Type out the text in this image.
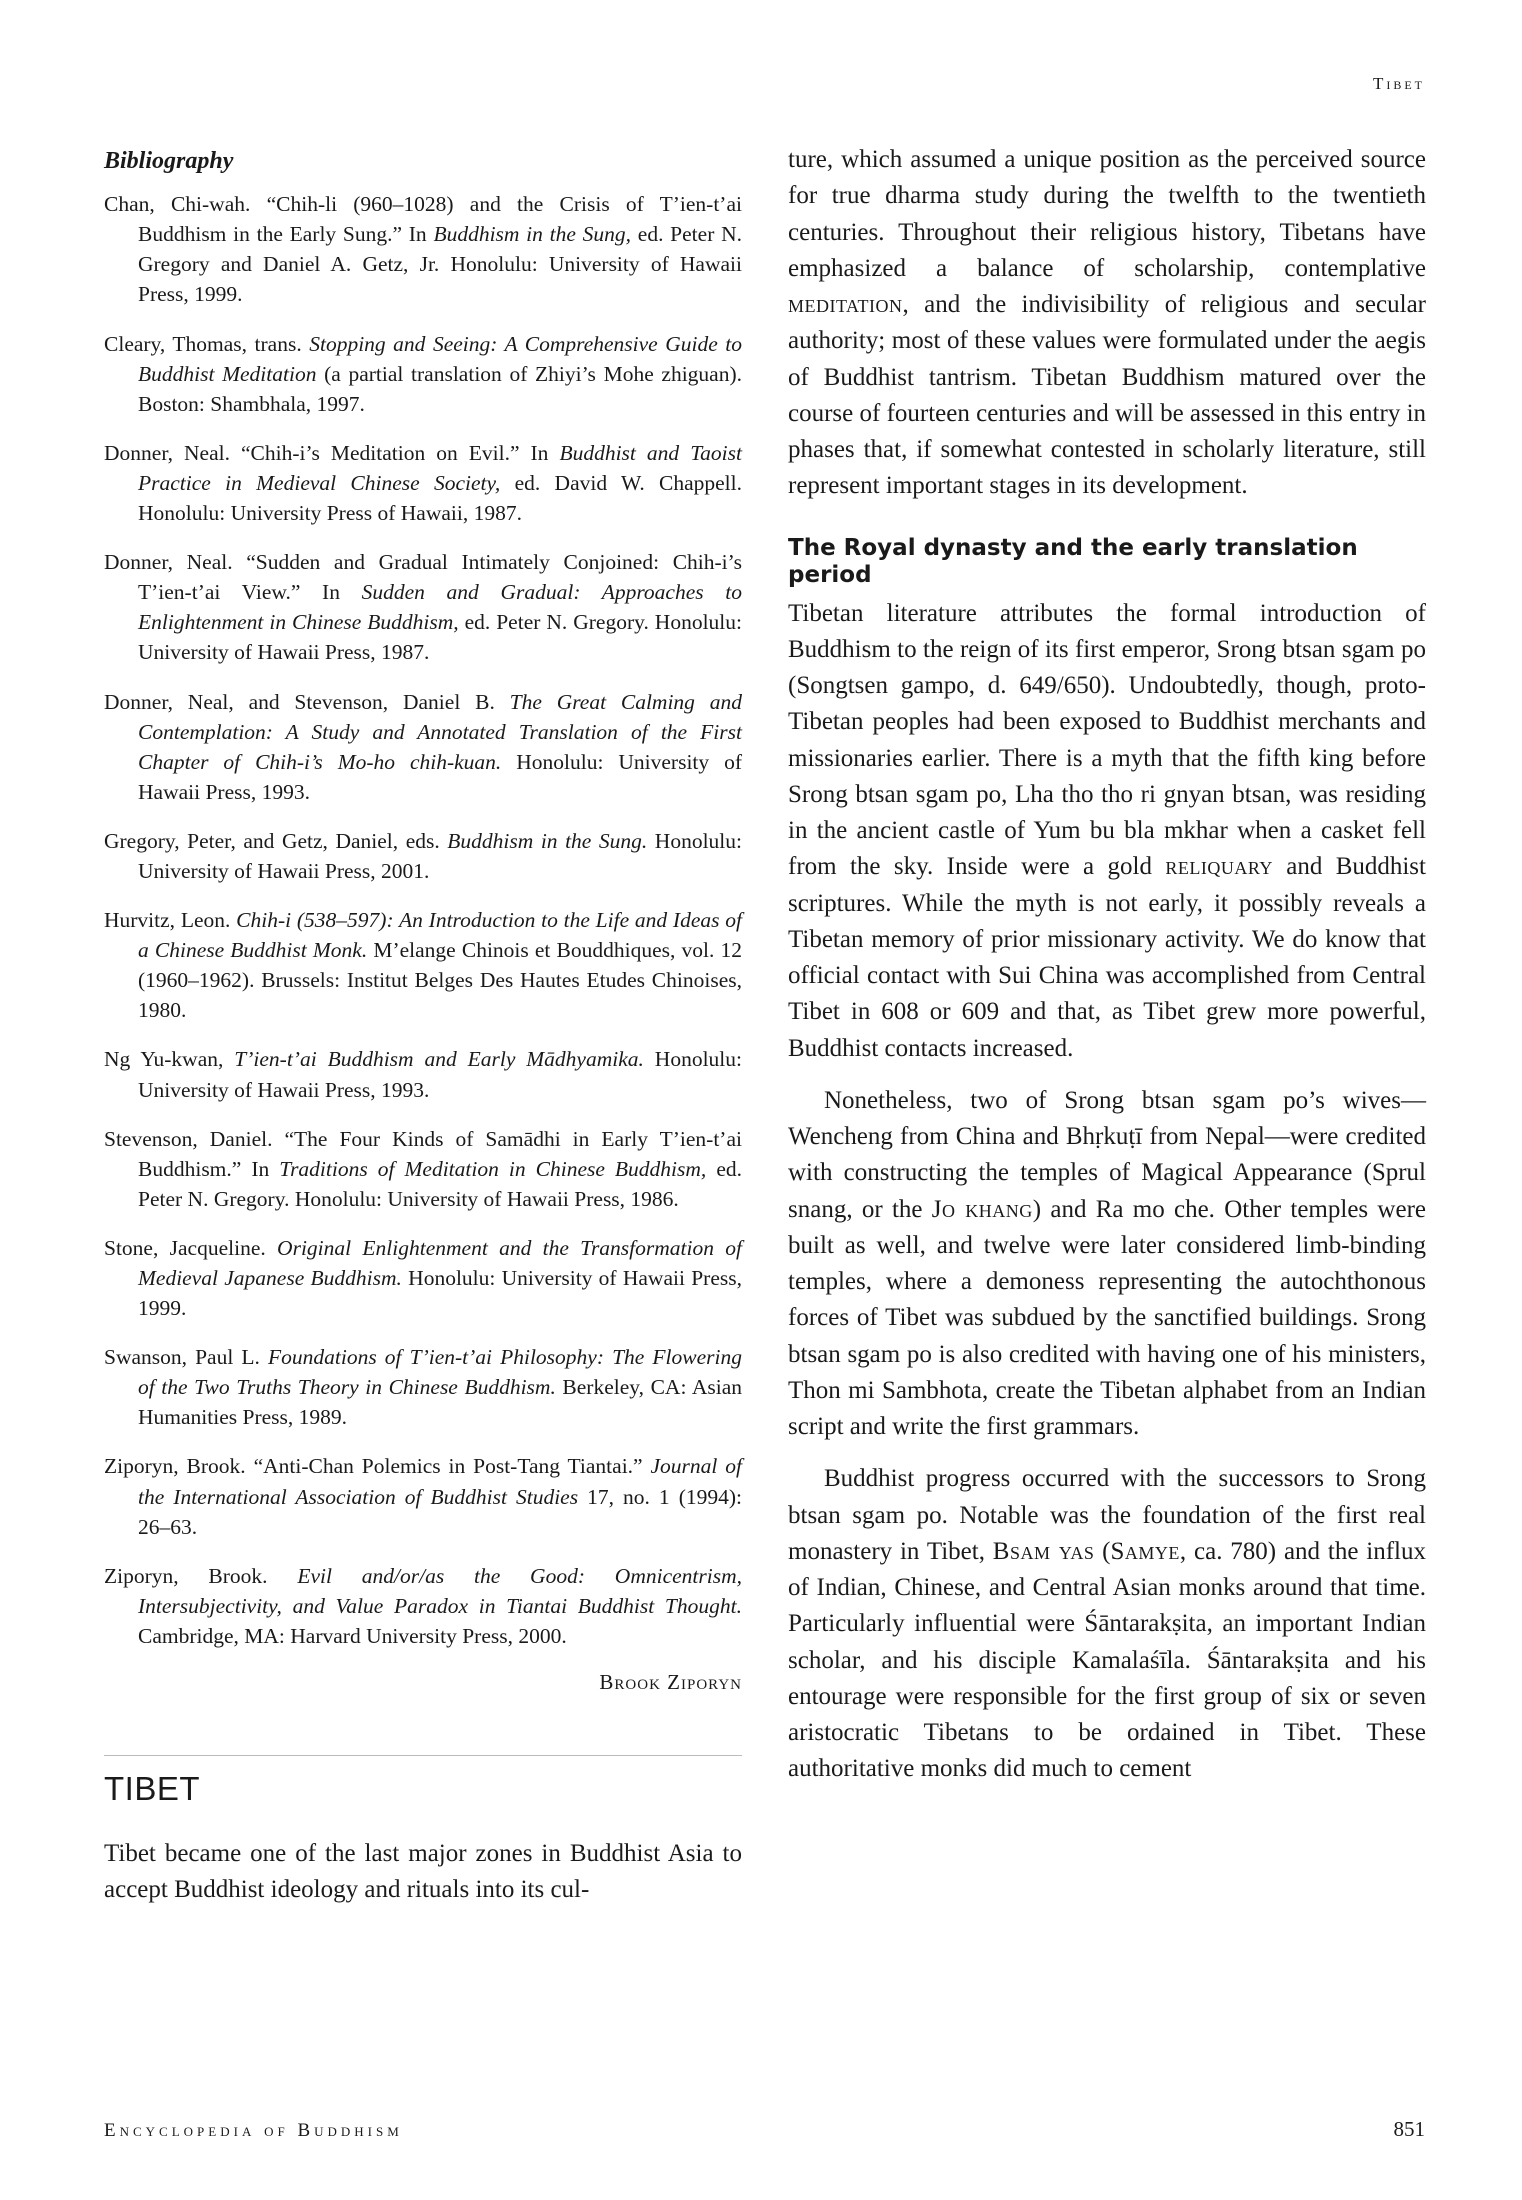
Tibet
Bibliography

Chan, Chi-wah. “Chih-li (960–1028) and the Crisis of T’ien-t’ai Buddhism in the Early Sung.” In Buddhism in the Sung, ed. Peter N. Gregory and Daniel A. Getz, Jr. Honolulu: University of Hawaii Press, 1999.

Cleary, Thomas, trans. Stopping and Seeing: A Comprehensive Guide to Buddhist Meditation (a partial translation of Zhiyi’s Mohe zhiguan). Boston: Shambhala, 1997.

Donner, Neal. “Chih-i’s Meditation on Evil.” In Buddhist and Taoist Practice in Medieval Chinese Society, ed. David W. Chappell. Honolulu: University Press of Hawaii, 1987.

Donner, Neal. “Sudden and Gradual Intimately Conjoined: Chih-i’s T’ien-t’ai View.” In Sudden and Gradual: Approaches to Enlightenment in Chinese Buddhism, ed. Peter N. Gregory. Honolulu: University of Hawaii Press, 1987.

Donner, Neal, and Stevenson, Daniel B. The Great Calming and Contemplation: A Study and Annotated Translation of the First Chapter of Chih-i’s Mo-ho chih-kuan. Honolulu: University of Hawaii Press, 1993.

Gregory, Peter, and Getz, Daniel, eds. Buddhism in the Sung. Honolulu: University of Hawaii Press, 2001.

Hurvitz, Leon. Chih-i (538–597): An Introduction to the Life and Ideas of a Chinese Buddhist Monk. M’elange Chinois et Bouddhiques, vol. 12 (1960–1962). Brussels: Institut Belges Des Hautes Etudes Chinoises, 1980.

Ng Yu-kwan, T’ien-t’ai Buddhism and Early Mādhyamika. Honolulu: University of Hawaii Press, 1993.

Stevenson, Daniel. “The Four Kinds of Samādhi in Early T’ien-t’ai Buddhism.” In Traditions of Meditation in Chinese Buddhism, ed. Peter N. Gregory. Honolulu: University of Hawaii Press, 1986.

Stone, Jacqueline. Original Enlightenment and the Transformation of Medieval Japanese Buddhism. Honolulu: University of Hawaii Press, 1999.

Swanson, Paul L. Foundations of T’ien-t’ai Philosophy: The Flowering of the Two Truths Theory in Chinese Buddhism. Berkeley, CA: Asian Humanities Press, 1989.

Ziporyn, Brook. “Anti-Chan Polemics in Post-Tang Tiantai.” Journal of the International Association of Buddhist Studies 17, no. 1 (1994): 26–63.

Ziporyn, Brook. Evil and/or/as the Good: Omnicentrism, Intersubjectivity, and Value Paradox in Tiantai Buddhist Thought. Cambridge, MA: Harvard University Press, 2000.

Brook Ziporyn
TIBET

Tibet became one of the last major zones in Buddhist Asia to accept Buddhist ideology and rituals into its cul-

ture, which assumed a unique position as the perceived source for true dharma study during the twelfth to the twentieth centuries. Throughout their religious history, Tibetans have emphasized a balance of scholarship, contemplative meditation, and the indivisibility of religious and secular authority; most of these values were formulated under the aegis of Buddhist tantrism. Tibetan Buddhism matured over the course of fourteen centuries and will be assessed in this entry in phases that, if somewhat contested in scholarly literature, still represent important stages in its development.

The Royal dynasty and the early translation period

Tibetan literature attributes the formal introduction of Buddhism to the reign of its first emperor, Srong btsan sgam po (Songtsen gampo, d. 649/650). Undoubtedly, though, proto-Tibetan peoples had been exposed to Buddhist merchants and missionaries earlier. There is a myth that the fifth king before Srong btsan sgam po, Lha tho tho ri gnyan btsan, was residing in the ancient castle of Yum bu bla mkhar when a casket fell from the sky. Inside were a gold reliquary and Buddhist scriptures. While the myth is not early, it possibly reveals a Tibetan memory of prior missionary activity. We do know that official contact with Sui China was accomplished from Central Tibet in 608 or 609 and that, as Tibet grew more powerful, Buddhist contacts increased.

Nonetheless, two of Srong btsan sgam po’s wives—Wencheng from China and Bhṛkuṭī from Nepal—were credited with constructing the temples of Magical Appearance (Sprul snang, or the Jo khang) and Ra mo che. Other temples were built as well, and twelve were later considered limb-binding temples, where a demoness representing the autochthonous forces of Tibet was subdued by the sanctified buildings. Srong btsan sgam po is also credited with having one of his ministers, Thon mi Sambhota, create the Tibetan alphabet from an Indian script and write the first grammars.

Buddhist progress occurred with the successors to Srong btsan sgam po. Notable was the foundation of the first real monastery in Tibet, Bsam yas (Samye, ca. 780) and the influx of Indian, Chinese, and Central Asian monks around that time. Particularly influential were Śāntarakṣita, an important Indian scholar, and his disciple Kamalaśīla. Śāntarakṣita and his entourage were responsible for the first group of six or seven aristocratic Tibetans to be ordained in Tibet. These authoritative monks did much to cement

Encyclopedia of Buddhism	851
